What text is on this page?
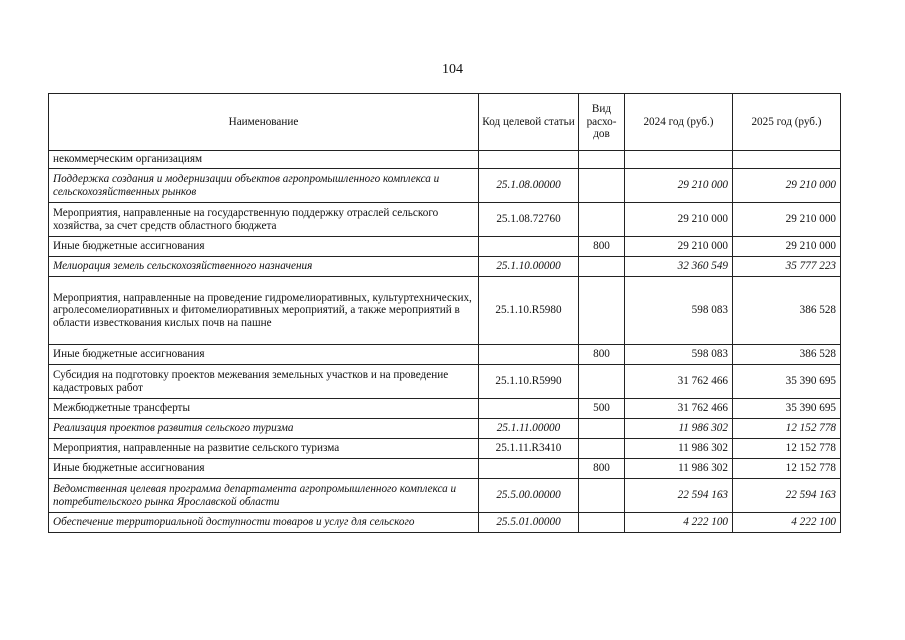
104
Наименование	Код целевой статьи	Вид расхо-дов	2024 год (руб.)	2025 год (руб.)
некоммерческим организациям				
Поддержка создания и модернизации объектов агропромышленного комплекса и сельскохозяйственных рынков	25.1.08.00000		29 210 000	29 210 000
Мероприятия, направленные на государственную поддержку отраслей сельского хозяйства, за счет средств областного бюджета	25.1.08.72760		29 210 000	29 210 000
Иные бюджетные ассигнования		800	29 210 000	29 210 000
Мелиорация земель сельскохозяйственного назначения	25.1.10.00000		32 360 549	35 777 223
Мероприятия, направленные на проведение гидромелиоративных, культуртехнических, агролесомелиоративных и фитомелиоративных мероприятий, а также мероприятий в области известкования кислых почв на пашне	25.1.10.R5980		598 083	386 528
Иные бюджетные ассигнования		800	598 083	386 528
Субсидия на подготовку проектов межевания земельных участков и на проведение кадастровых работ	25.1.10.R5990		31 762 466	35 390 695
Межбюджетные трансферты		500	31 762 466	35 390 695
Реализация проектов развития сельского туризма	25.1.11.00000		11 986 302	12 152 778
Мероприятия, направленные на развитие сельского туризма	25.1.11.R3410		11 986 302	12 152 778
Иные бюджетные ассигнования		800	11 986 302	12 152 778
Ведомственная целевая программа департамента агропромышленного комплекса и потребительского рынка Ярославской области	25.5.00.00000		22 594 163	22 594 163
Обеспечение территориальной доступности товаров и услуг для сельского	25.5.01.00000		4 222 100	4 222 100
